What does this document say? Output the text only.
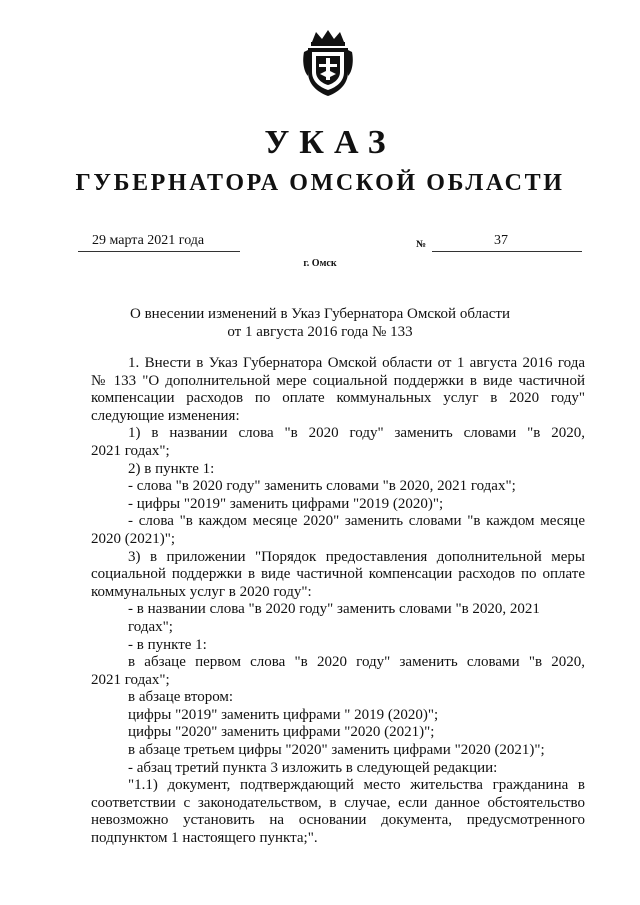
УКАЗ
ГУБЕРНАТОРА ОМСКОЙ ОБЛАСТИ
29 марта 2021 года	№	37
г. Омск
О внесении изменений в Указ Губернатора Омской области
от 1 августа 2016 года № 133

1. Внести в Указ Губернатора Омской области от 1 августа 2016 года

№ 133 "О дополнительной мере социальной поддержки в виде частичной

компенсации расходов по оплате коммунальных услуг в 2020 году"

следующие изменения:

1) в названии слова "в 2020 году" заменить словами "в 2020,

2021 годах";

2) в пункте 1:

- слова "в 2020 году" заменить словами "в 2020, 2021 годах";

- цифры "2019" заменить цифрами "2019 (2020)";

- слова "в каждом месяце 2020" заменить словами "в каждом месяце

2020 (2021)";

3) в приложении "Порядок предоставления дополнительной меры

социальной поддержки в виде частичной компенсации расходов по оплате

коммунальных услуг в 2020 году":

- в названии слова "в 2020 году" заменить словами "в 2020, 2021 годах";

- в пункте 1:

в абзаце первом слова "в 2020 году" заменить словами "в 2020,

2021 годах";

в абзаце втором:

цифры "2019" заменить цифрами " 2019 (2020)";

цифры "2020" заменить цифрами "2020 (2021)";

в абзаце третьем цифры "2020" заменить цифрами "2020 (2021)";

- абзац третий пункта 3 изложить в следующей редакции:

"1.1) документ, подтверждающий место жительства гражданина в

соответствии с законодательством, в случае, если данное обстоятельство

невозможно установить на основании документа, предусмотренного

подпунктом 1 настоящего пункта;".
